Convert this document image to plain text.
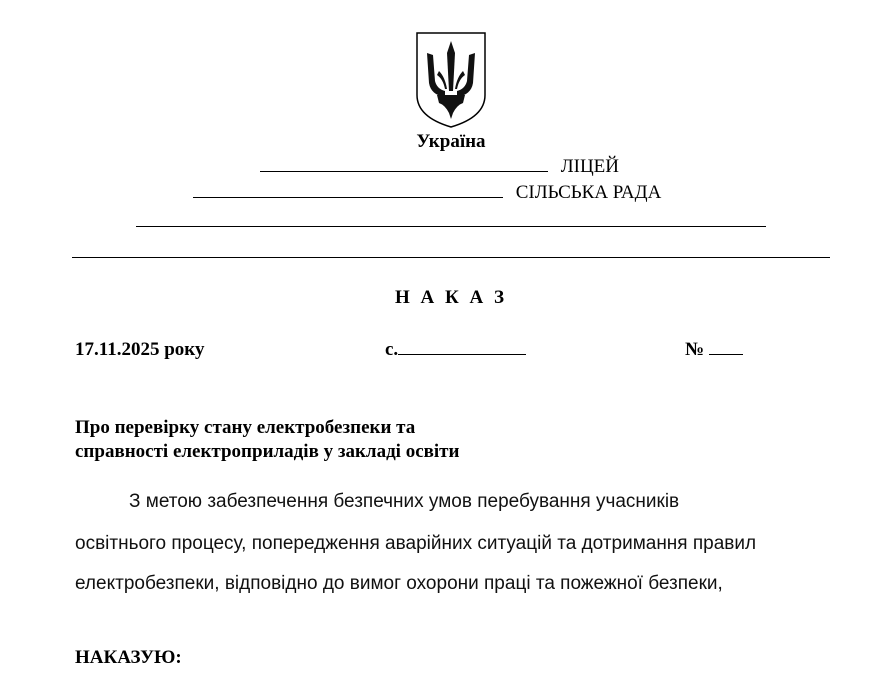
Україна
ЛІЦЕЙ
СІЛЬСЬКА РАДА
Н А К А З
17.11.2025 року	с.	№
Про перевірку стану електробезпеки та
справності електроприладів у закладі освіти
З метою забезпечення безпечних умов перебування учасників
освітнього процесу, попередження аварійних ситуацій та дотримання правил
електробезпеки, відповідно до вимог охорони праці та пожежної безпеки,
НАКАЗУЮ:
